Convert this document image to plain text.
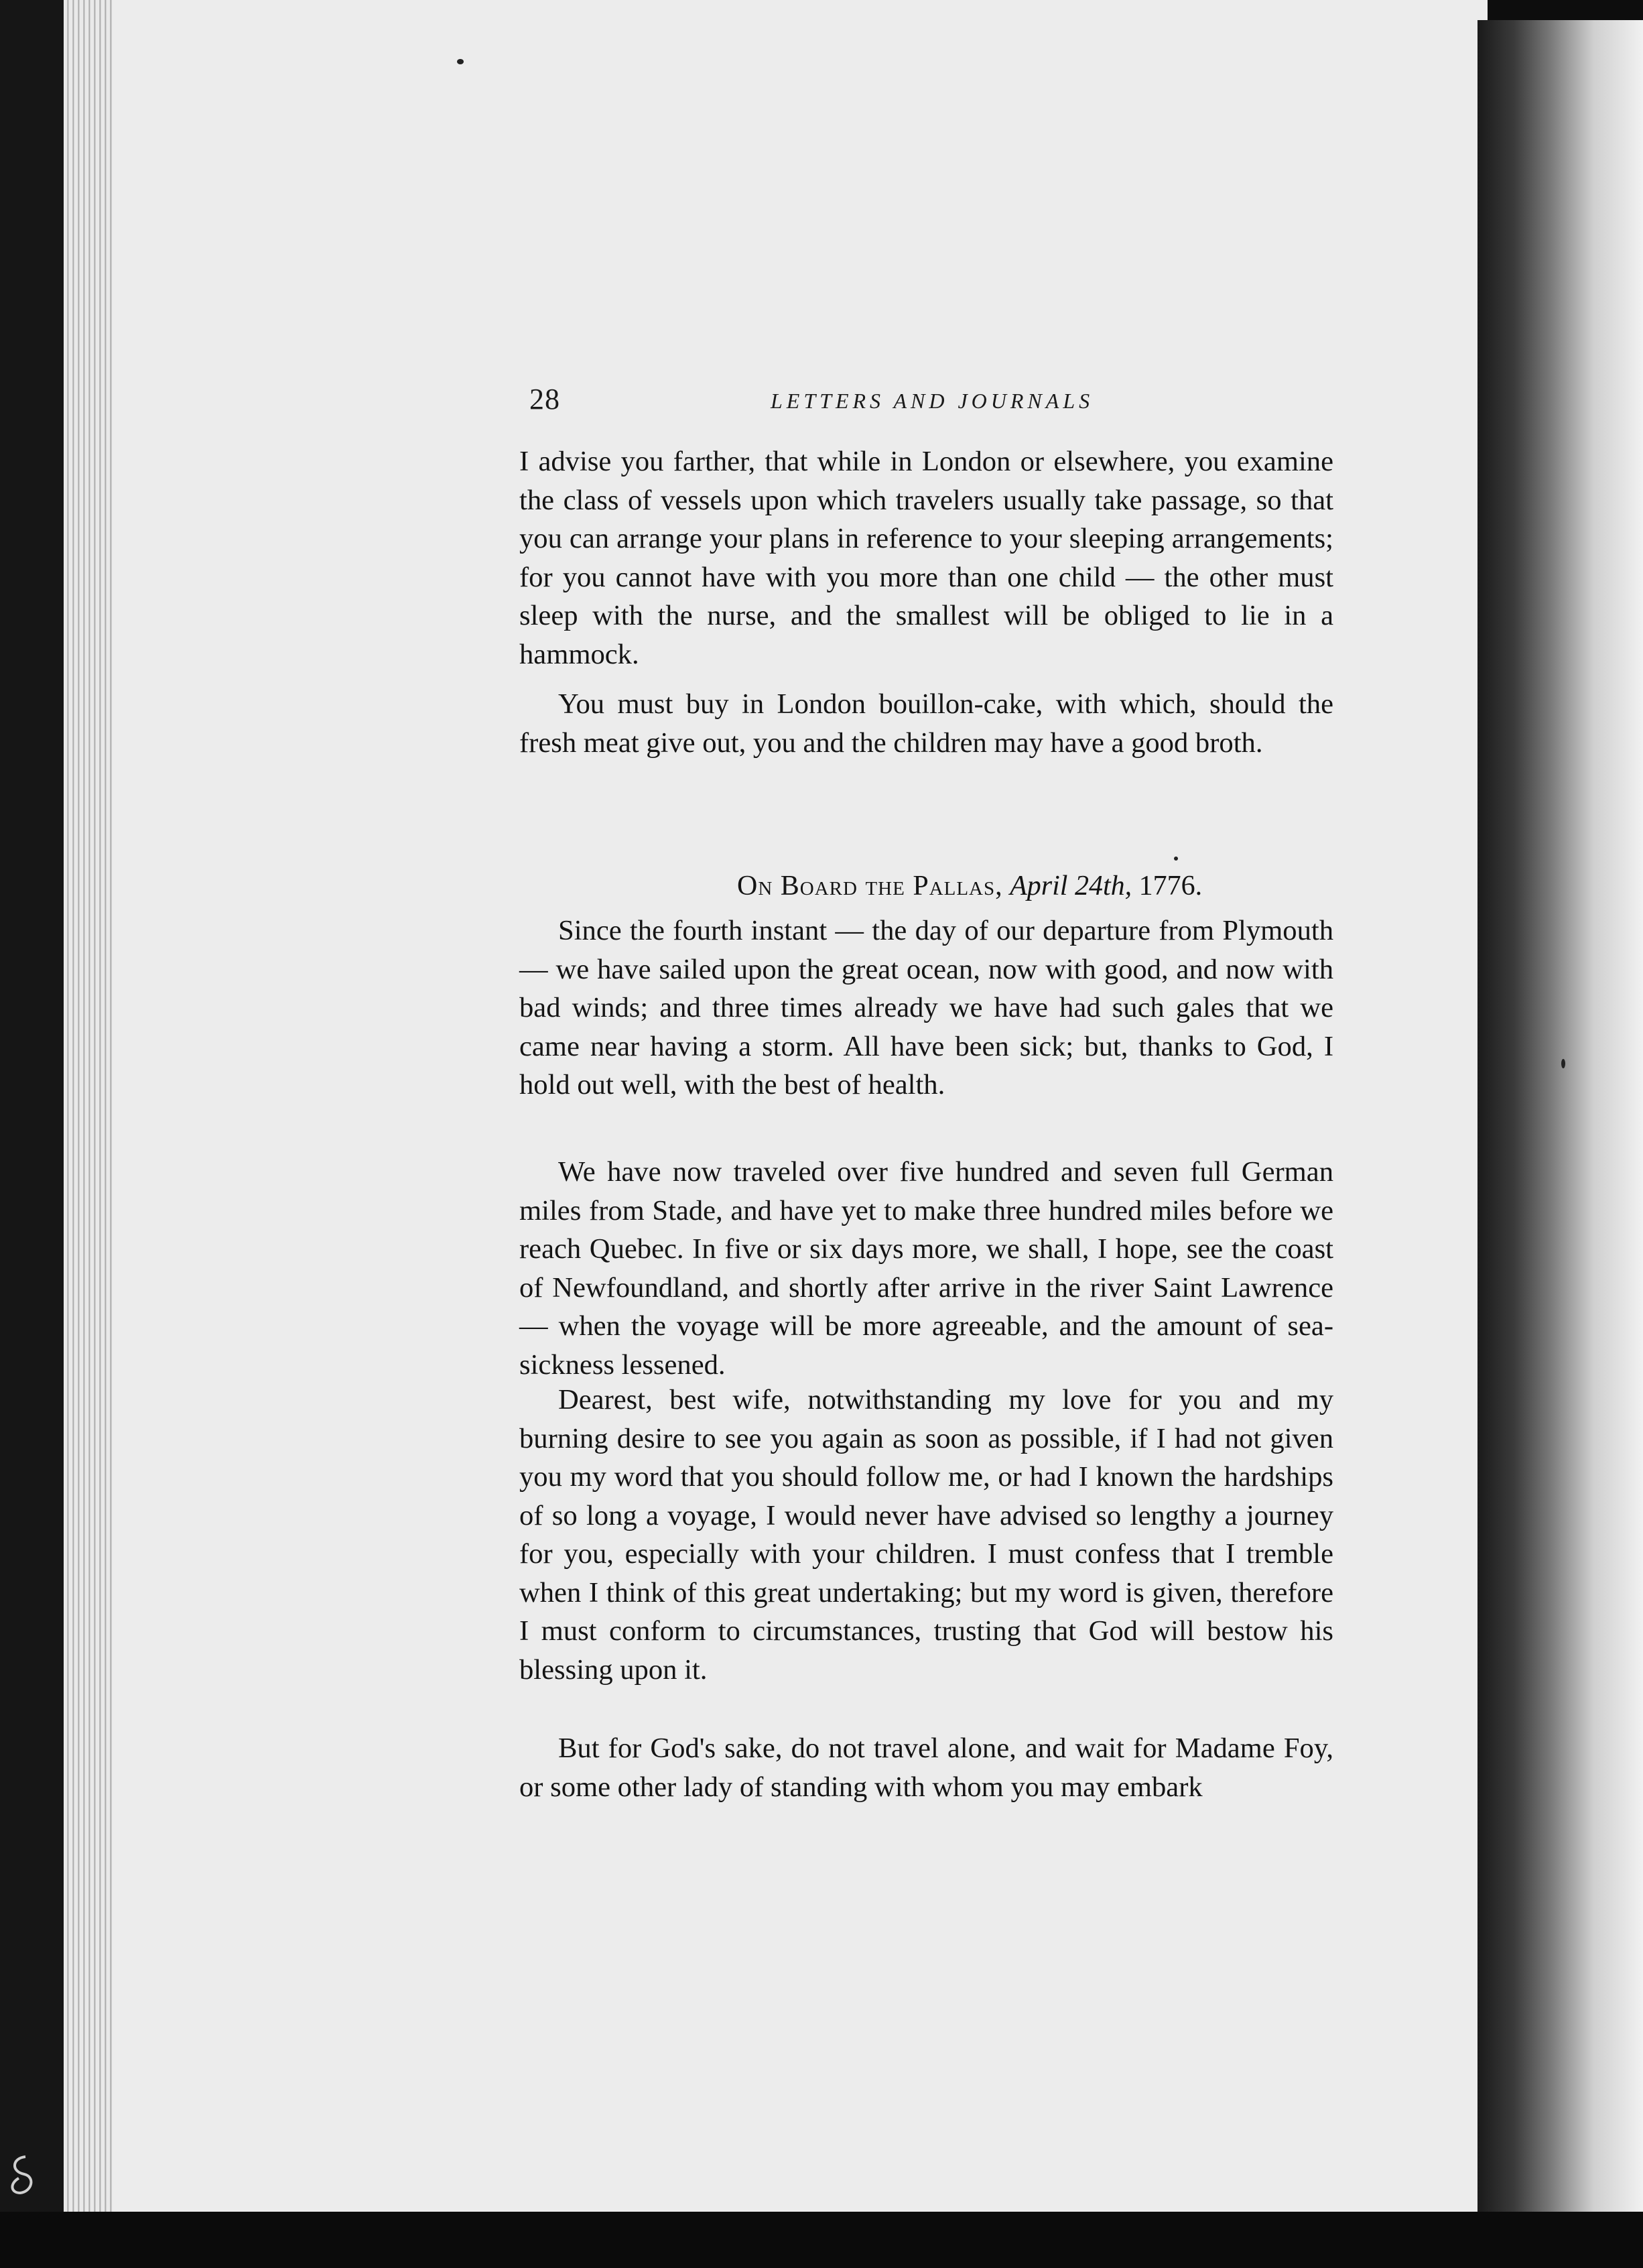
28	LETTERS AND JOURNALS

I advise you farther, that while in London or elsewhere, you examine the class of vessels upon which travelers usually take passage, so that you can arrange your plans in reference to your sleeping arrangements; for you cannot have with you more than one child — the other must sleep with the nurse, and the smallest will be obliged to lie in a hammock.

You must buy in London bouillon-cake, with which, should the fresh meat give out, you and the children may have a good broth.

On Board the Pallas, April 24th, 1776.

Since the fourth instant — the day of our departure from Plymouth — we have sailed upon the great ocean, now with good, and now with bad winds; and three times already we have had such gales that we came near having a storm. All have been sick; but, thanks to God, I hold out well, with the best of health.

We have now traveled over five hundred and seven full German miles from Stade, and have yet to make three hundred miles before we reach Quebec. In five or six days more, we shall, I hope, see the coast of Newfoundland, and shortly after arrive in the river Saint Lawrence — when the voyage will be more agreeable, and the amount of sea-sickness lessened.

Dearest, best wife, notwithstanding my love for you and my burning desire to see you again as soon as possible, if I had not given you my word that you should follow me, or had I known the hardships of so long a voyage, I would never have advised so lengthy a journey for you, especially with your children. I must confess that I tremble when I think of this great undertaking; but my word is given, therefore I must conform to circumstances, trusting that God will bestow his blessing upon it.

But for God's sake, do not travel alone, and wait for Madame Foy, or some other lady of standing with whom you may embark
